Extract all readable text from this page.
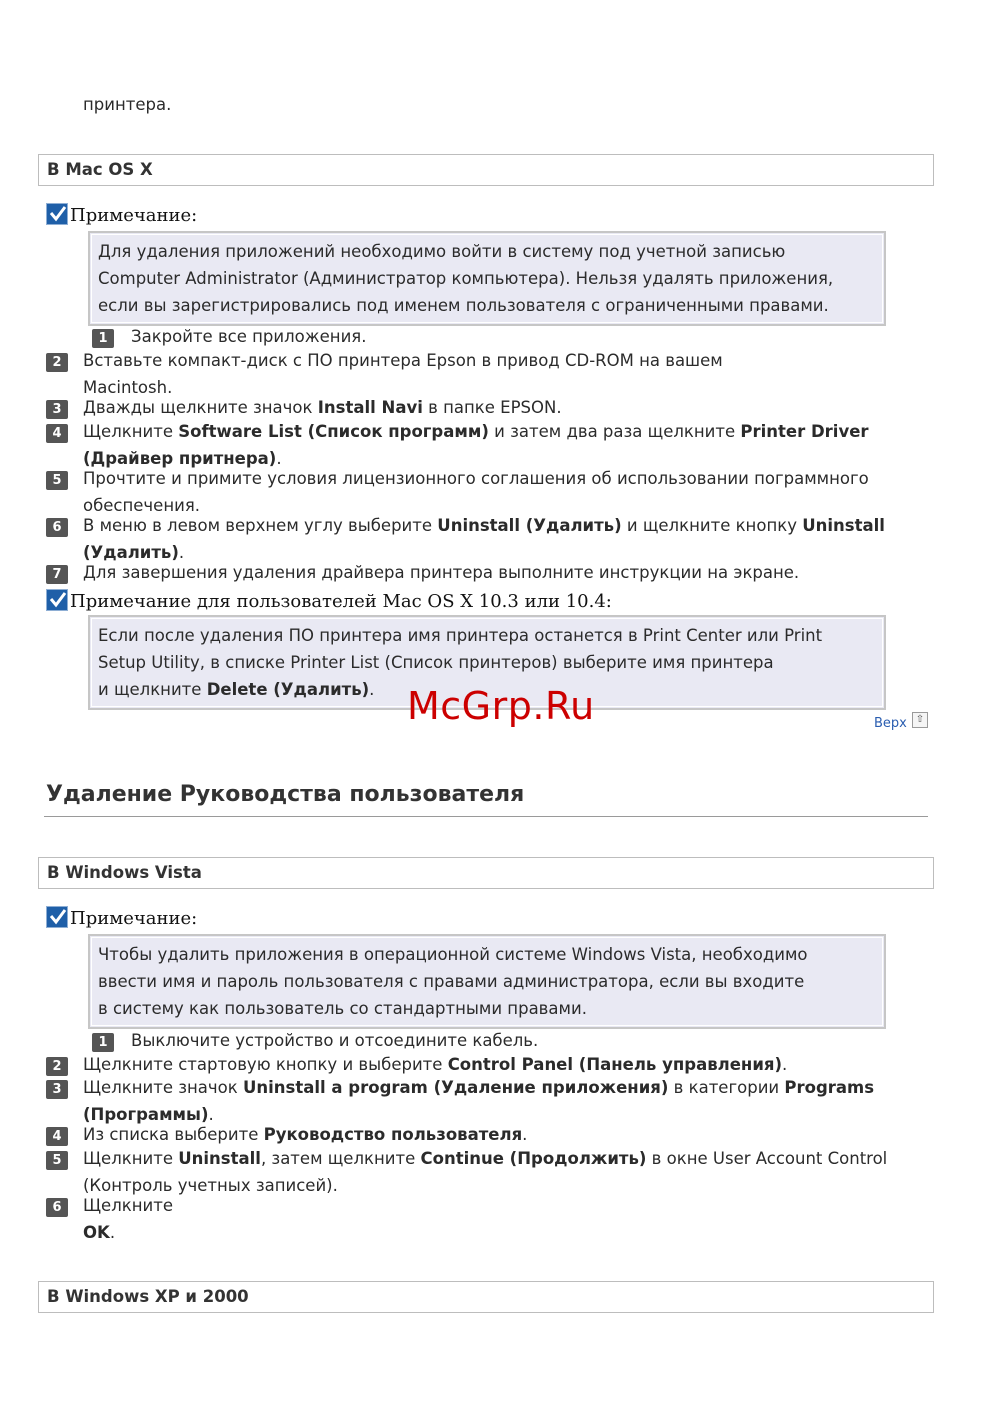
принтера.
В Mac OS X
Примечание:
Для удаления приложений необходимо войти в систему под учетной записью
Computer Administrator (Администратор компьютера). Нельзя удалять приложения,
если вы зарегистрировались под именем пользователя с ограниченными правами.
1	Закройте все приложения.
2	Вставьте компакт-диск с ПО принтера Epson в привод CD-ROM на вашем
Macintosh.
3	Дважды щелкните значок Install Navi в папке EPSON.
4	Щелкните Software List (Список программ) и затем два раза щелкните Printer Driver
(Драйвер притнера).
5	Прочтите и примите условия лицензионного соглашения об использовании пограммного
обеспечения.
6	В меню в левом верхнем углу выберите Uninstall (Удалить) и щелкните кнопку Uninstall
(Удалить).
7	Для завершения удаления драйвера принтера выполните инструкции на экране.
Примечание для пользователей Mac OS X 10.3 или 10.4:
Если после удаления ПО принтера имя принтера останется в Print Center или Print
Setup Utility, в списке Printer List (Список принтеров) выберите имя принтера
и щелкните Delete (Удалить). McGrp.Ru	Верх ⇧
Удаление Руководства пользователя
В Windows Vista
Примечание:
Чтобы удалить приложения в операционной системе Windows Vista, необходимо
ввести имя и пароль пользователя с правами администратора, если вы входите
в систему как пользователь со стандартными правами.
1	Выключите устройство и отсоедините кабель.
2	Щелкните стартовую кнопку и выберите Control Panel (Панель управления).
3	Щелкните значок Uninstall a program (Удаление приложения) в категории Programs
(Программы).
4	Из списка выберите Руководство пользователя.
5	Щелкните Uninstall, затем щелкните Continue (Продолжить) в окне User Account Control
(Контроль учетных записей).
6	Щелкните
OK.
В Windows XP и 2000
